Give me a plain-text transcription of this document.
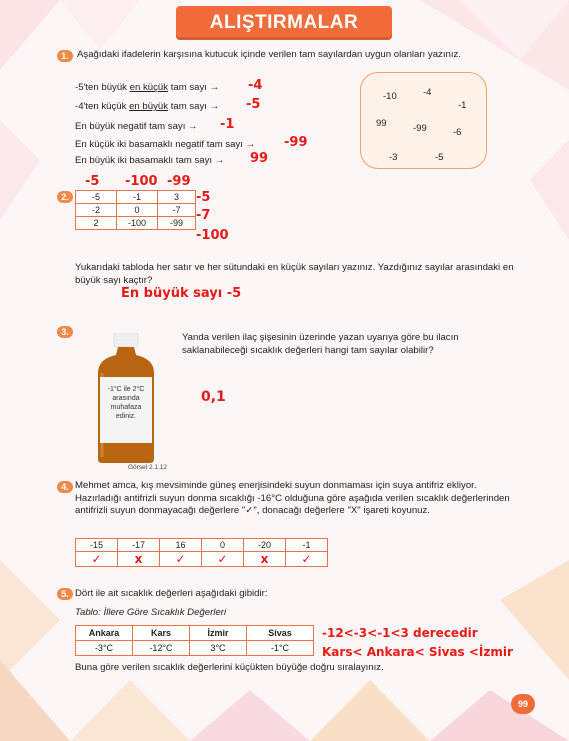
ALIŞTIRMALAR
1. Aşağıdaki ifadelerin karşısına kutucuk içinde verilen tam sayılardan uygun olanları yazınız.
-5'ten büyük en küçük tam sayı → -4
-4'ten küçük en büyük tam sayı → -5
En büyük negatif tam sayı → -1
En küçük iki basamaklı negatif tam sayı → -99
En büyük iki basamaklı tam sayı → 99
-10	-4
-1
99	-99	-6
-3	-5
-5 -100 -99
2.	-5	-1	3
-2	0	-7
2	-100	-99
-5
-7
-100
Yukarıdaki tabloda her satır ve her sütundaki en küçük sayıları yazınız. Yazdığınız sayılar arasındaki en büyük sayı kaçtır?
En büyük sayı -5
3.
-1°C ile 2°C
arasında
muhafaza
ediniz.
Görsel 2.1.12
Yanda verilen ilaç şişesinin üzerinde yazan uyarıya göre bu ilacın saklanabileceği sıcaklık değerleri hangi tam sayılar olabilir?
0,1
4. Mehmet amca, kış mevsiminde güneş enerjisindeki suyun donmaması için suya antifriz ekliyor. Hazırladığı antifrizli suyun donma sıcaklığı -16°C olduğuna göre aşağıda verilen sıcaklık değerlerinden antifrizli suyun donmayacağı değerlere "✓", donacağı değerlere "X" işareti koyunuz.
-15	-17	16	0	-20	-1
✓	x	✓	✓	x	✓
5. Dört ile ait sıcaklık değerleri aşağıdaki gibidir:
Tablo: İllere Göre Sıcaklık Değerleri
Ankara	Kars	İzmir	Sivas
-3°C	-12°C	3°C	-1°C
-12<-3<-1<3 derecedir
Kars< Ankara< Sivas <İzmir
Buna göre verilen sıcaklık değerlerini küçükten büyüğe doğru sıralayınız.
99
